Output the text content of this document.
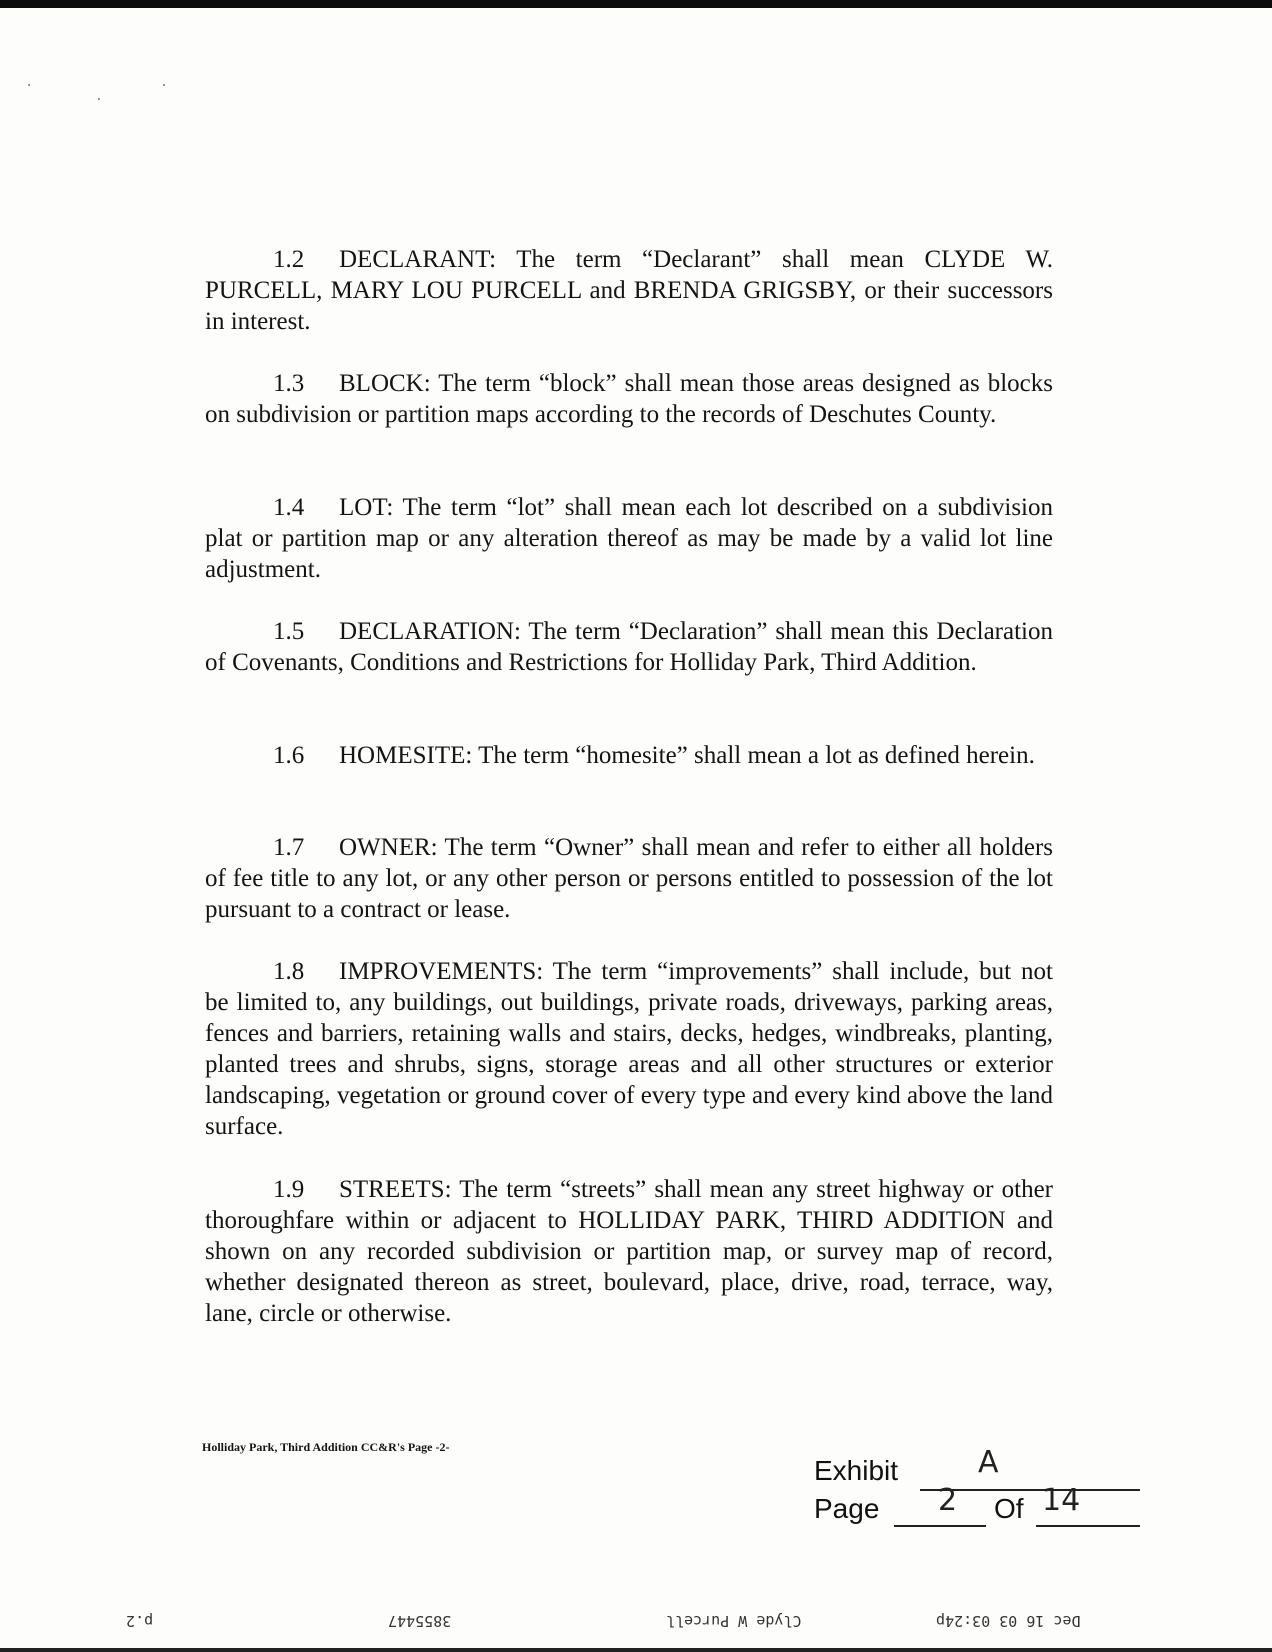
1.2 DECLARANT: The term “Declarant” shall mean CLYDE W. PURCELL, MARY LOU PURCELL and BRENDA GRIGSBY, or their successors in interest.

1.3 BLOCK: The term “block” shall mean those areas designed as blocks on subdivision or partition maps according to the records of Deschutes County.

1.4 LOT: The term “lot” shall mean each lot described on a subdivision plat or partition map or any alteration thereof as may be made by a valid lot line adjustment.

1.5 DECLARATION: The term “Declaration” shall mean this Declaration of Covenants, Conditions and Restrictions for Holliday Park, Third Addition.

1.6 HOMESITE: The term “homesite” shall mean a lot as defined herein.

1.7 OWNER: The term “Owner” shall mean and refer to either all holders of fee title to any lot, or any other person or persons entitled to possession of the lot pursuant to a contract or lease.

1.8 IMPROVEMENTS: The term “improvements” shall include, but not be limited to, any buildings, out buildings, private roads, driveways, parking areas, fences and barriers, retaining walls and stairs, decks, hedges, windbreaks, planting, planted trees and shrubs, signs, storage areas and all other structures or exterior landscaping, vegetation or ground cover of every type and every kind above the land surface.

1.9 STREETS: The term “streets” shall mean any street highway or other thoroughfare within or adjacent to HOLLIDAY PARK, THIRD ADDITION and shown on any recorded subdivision or partition map, or survey map of record, whether designated thereon as street, boulevard, place, drive, road, terrace, way, lane, circle or otherwise.

Holliday Park, Third Addition CC&R's Page -2-
Exhibit	A
Page 2 Of 14
p.2	3855447	Clyde W Purcell	Dec 16 03 03:24p
